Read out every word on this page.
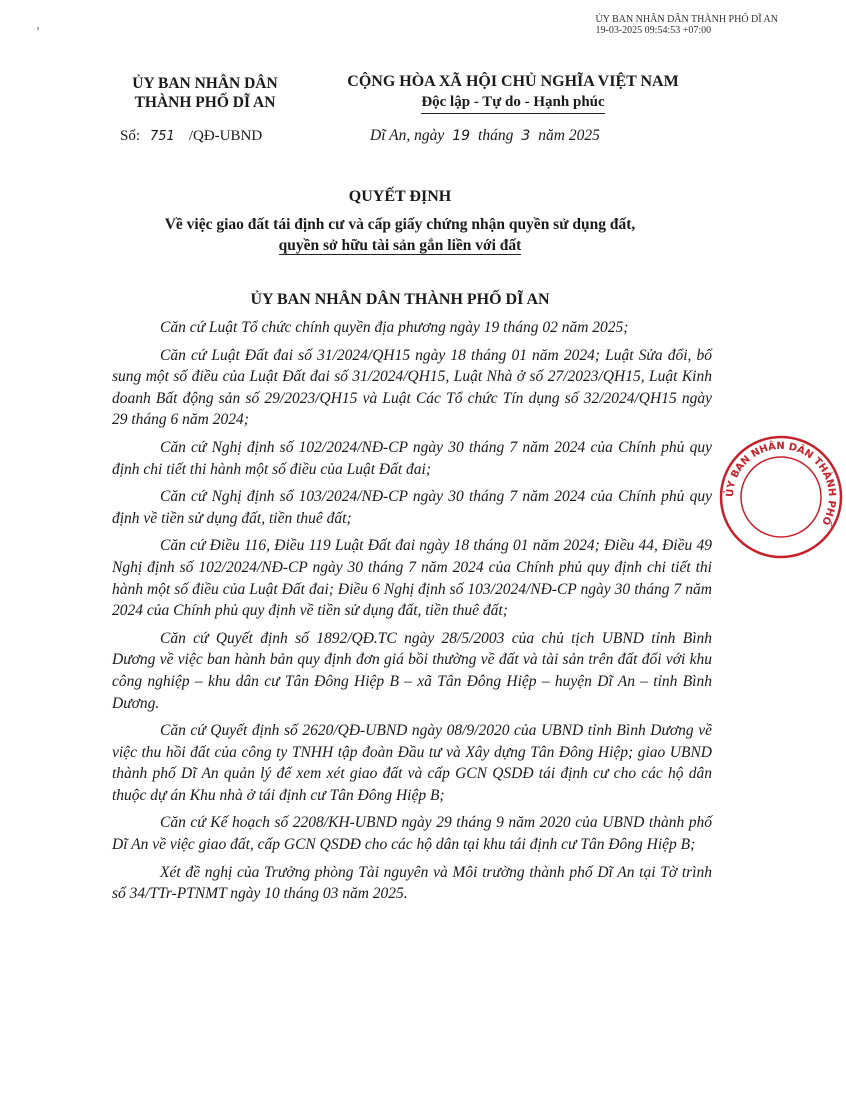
ỦY BAN NHÂN DÂN THÀNH PHỐ DĨ AN
19-03-2025 09:54:53 +07:00
›
ỦY BAN NHÂN DÂN
THÀNH PHỐ DĨ AN
CỘNG HÒA XÃ HỘI CHỦ NGHĨA VIỆT NAM
Độc lập - Tự do - Hạnh phúc
Số: 751 /QĐ-UBND	Dĩ An, ngày 19 tháng 3 năm 2025
QUYẾT ĐỊNH
Về việc giao đất tái định cư và cấp giấy chứng nhận quyền sử dụng đất,
quyền sở hữu tài sản gắn liền với đất
ỦY BAN NHÂN DÂN THÀNH PHỐ DĨ AN

Căn cứ Luật Tổ chức chính quyền địa phương ngày 19 tháng 02 năm 2025;

Căn cứ Luật Đất đai số 31/2024/QH15 ngày 18 tháng 01 năm 2024; Luật Sửa đổi, bổ sung một số điều của Luật Đất đai số 31/2024/QH15, Luật Nhà ở số 27/2023/QH15, Luật Kinh doanh Bất động sản số 29/2023/QH15 và Luật Các Tổ chức Tín dụng số 32/2024/QH15 ngày 29 tháng 6 năm 2024;

Căn cứ Nghị định số 102/2024/NĐ-CP ngày 30 tháng 7 năm 2024 của Chính phủ quy định chi tiết thi hành một số điều của Luật Đất đai;

Căn cứ Nghị định số 103/2024/NĐ-CP ngày 30 tháng 7 năm 2024 của Chính phủ quy định về tiền sử dụng đất, tiền thuê đất;

Căn cứ Điều 116, Điều 119 Luật Đất đai ngày 18 tháng 01 năm 2024; Điều 44, Điều 49 Nghị định số 102/2024/NĐ-CP ngày 30 tháng 7 năm 2024 của Chính phủ quy định chi tiết thi hành một số điều của Luật Đất đai; Điều 6 Nghị định số 103/2024/NĐ-CP ngày 30 tháng 7 năm 2024 của Chính phủ quy định về tiền sử dụng đất, tiền thuê đất;

Căn cứ Quyết định số 1892/QĐ.TC ngày 28/5/2003 của chủ tịch UBND tỉnh Bình Dương về việc ban hành bản quy định đơn giá bồi thường về đất và tài sản trên đất đối với khu công nghiệp – khu dân cư Tân Đông Hiệp B – xã Tân Đông Hiệp – huyện Dĩ An – tỉnh Bình Dương.

Căn cứ Quyết định số 2620/QĐ-UBND ngày 08/9/2020 của UBND tỉnh Bình Dương về việc thu hồi đất của công ty TNHH tập đoàn Đầu tư và Xây dựng Tân Đông Hiệp; giao UBND thành phố Dĩ An quản lý để xem xét giao đất và cấp GCN QSDĐ tái định cư cho các hộ dân thuộc dự án Khu nhà ở tái định cư Tân Đông Hiệp B;

Căn cứ Kế hoạch số 2208/KH-UBND ngày 29 tháng 9 năm 2020 của UBND thành phố Dĩ An về việc giao đất, cấp GCN QSDĐ cho các hộ dân tại khu tái định cư Tân Đông Hiệp B;

Xét đề nghị của Trưởng phòng Tài nguyên và Môi trường thành phố Dĩ An tại Tờ trình số 34/TTr-PTNMT ngày 10 tháng 03 năm 2025.

ỦY BAN NHÂN DÂN THÀNH PHỐ
